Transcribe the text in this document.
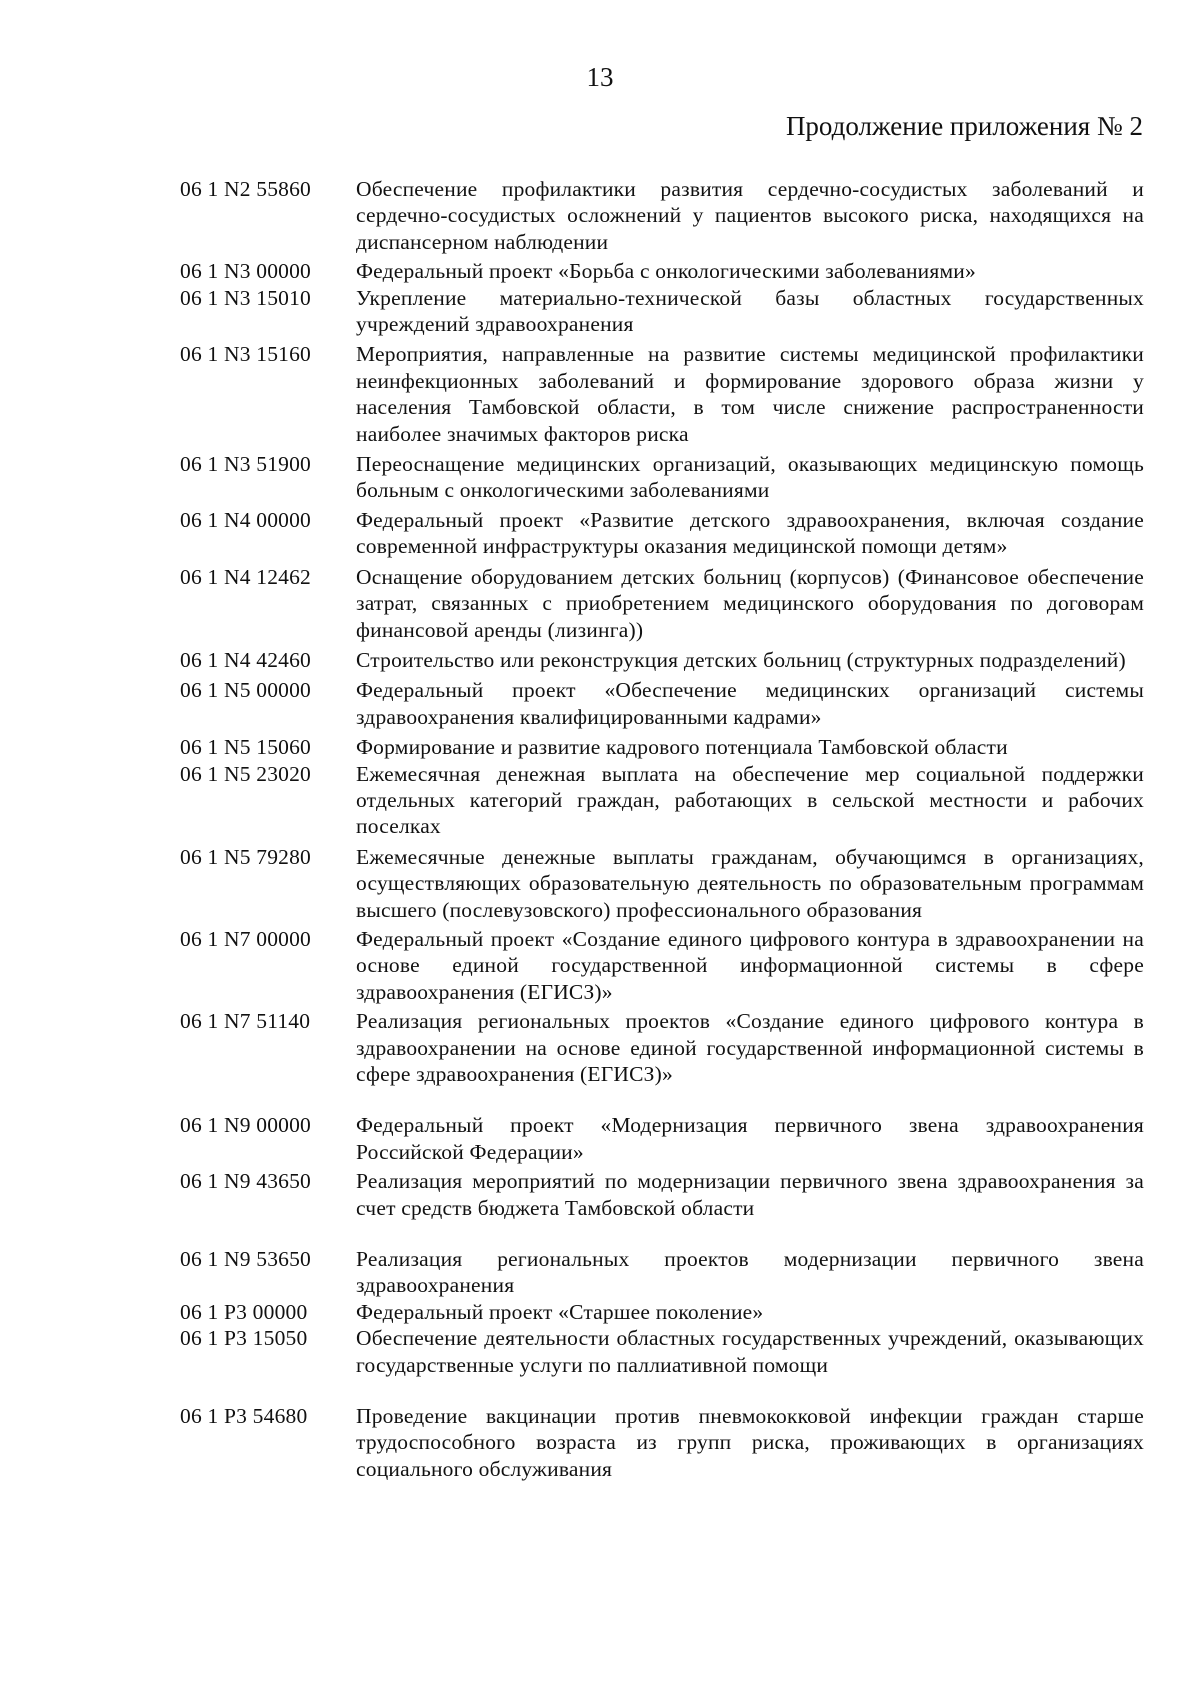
13
Продолжение приложения № 2
06 1 N2 55860	Обеспечение профилактики развития сердечно-сосудистых заболеваний и сердечно-сосудистых осложнений у пациентов высокого риска, находящихся на диспансерном наблюдении
06 1 N3 00000	Федеральный проект «Борьба с онкологическими заболеваниями»
06 1 N3 15010	Укрепление материально-технической базы областных государственных учреждений здравоохранения
06 1 N3 15160	Мероприятия, направленные на развитие системы медицинской профилактики неинфекционных заболеваний и формирование здорового образа жизни у населения Тамбовской области, в том числе снижение распространенности наиболее значимых факторов риска
06 1 N3 51900	Переоснащение медицинских организаций, оказывающих медицинскую помощь больным с онкологическими заболеваниями
06 1 N4 00000	Федеральный проект «Развитие детского здравоохранения, включая создание современной инфраструктуры оказания медицинской помощи детям»
06 1 N4 12462	Оснащение оборудованием детских больниц (корпусов) (Финансовое обеспечение затрат, связанных с приобретением медицинского оборудования по договорам финансовой аренды (лизинга))
06 1 N4 42460	Строительство или реконструкция детских больниц (структурных подразделений)
06 1 N5 00000	Федеральный проект «Обеспечение медицинских организаций системы здравоохранения квалифицированными кадрами»
06 1 N5 15060	Формирование и развитие кадрового потенциала Тамбовской области
06 1 N5 23020	Ежемесячная денежная выплата на обеспечение мер социальной поддержки отдельных категорий граждан, работающих в сельской местности и рабочих поселках
06 1 N5 79280	Ежемесячные денежные выплаты гражданам, обучающимся в организациях, осуществляющих образовательную деятельность по образовательным программам высшего (послевузовского) профессионального образования
06 1 N7 00000	Федеральный проект «Создание единого цифрового контура в здравоохранении на основе единой государственной информационной системы в сфере здравоохранения (ЕГИСЗ)»
06 1 N7 51140	Реализация региональных проектов «Создание единого цифрового контура в здравоохранении на основе единой государственной информационной системы в сфере здравоохранения (ЕГИСЗ)»
06 1 N9 00000	Федеральный проект «Модернизация первичного звена здравоохранения Российской Федерации»
06 1 N9 43650	Реализация мероприятий по модернизации первичного звена здравоохранения за счет средств бюджета Тамбовской области
06 1 N9 53650	Реализация региональных проектов модернизации первичного звена здравоохранения
06 1 P3 00000	Федеральный проект «Старшее поколение»
06 1 P3 15050	Обеспечение деятельности областных государственных учреждений, оказывающих государственные услуги по паллиативной помощи
06 1 P3 54680	Проведение вакцинации против пневмококковой инфекции граждан старше трудоспособного возраста из групп риска, проживающих в организациях социального обслуживания
